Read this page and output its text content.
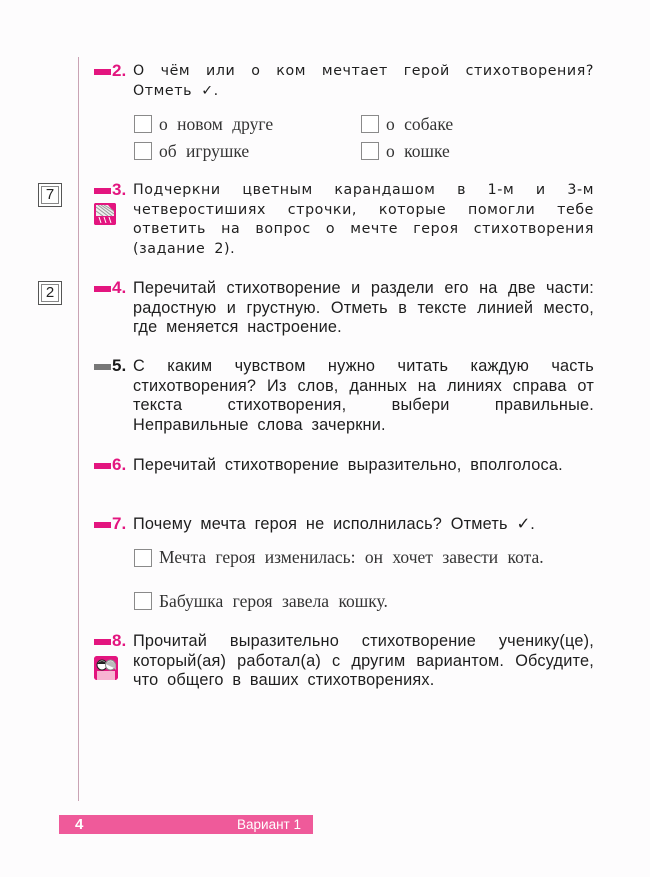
7
2
2. О чём или о ком мечтает герой стихотворения? Отметь ✓.
о новом друге	о собаке
об игрушке	о кошке
3. Подчеркни цветным карандашом в 1-м и 3-м четверостишиях строчки, которые помогли тебе ответить на вопрос о мечте героя стихотворения (задание 2).
4. Перечитай стихотворение и раздели его на две части: радостную и грустную. Отметь в тексте линией место, где меняется настроение.
5. С каким чувством нужно читать каждую часть стихотворения? Из слов, данных на линиях справа от текста стихотворения, выбери правильные. Неправильные слова зачеркни.
6. Перечитай стихотворение выразительно, вполголоса.
7. Почему мечта героя не исполнилась? Отметь ✓.
Мечта героя изменилась: он хочет завести кота.
Бабушка героя завела кошку.
8. Прочитай выразительно стихотворение ученику(це), который(ая) работал(а) с другим вариантом. Обсудите, что общего в ваших стихотворениях.
4	Вариант 1
